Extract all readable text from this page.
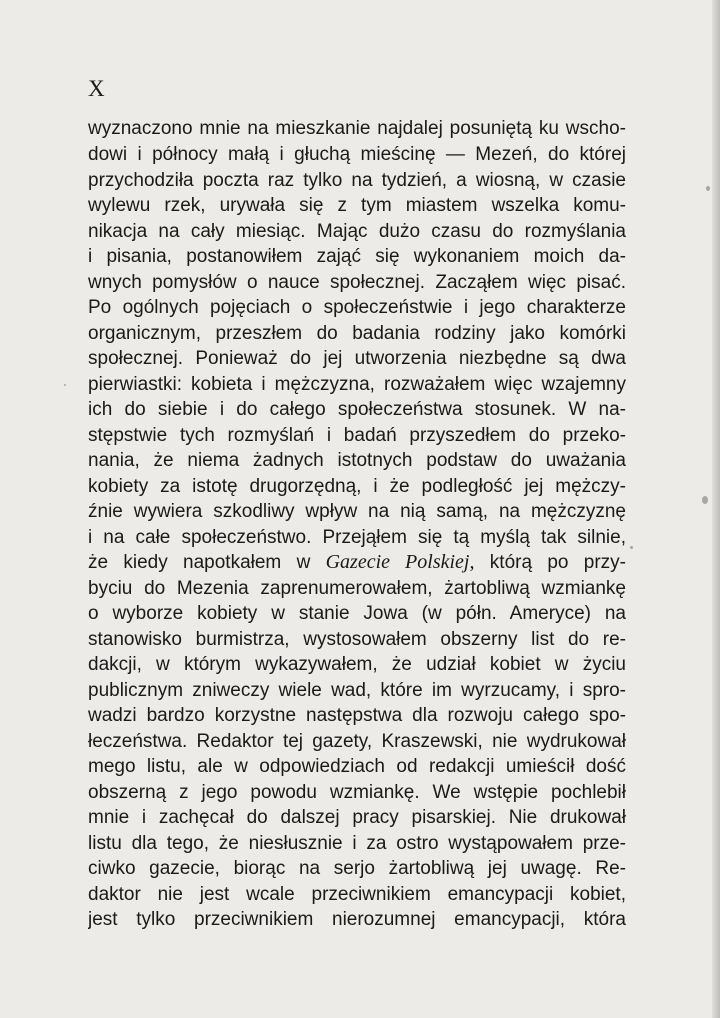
X
wyznaczono mnie na mieszkanie najdalej posuniętą ku wscho-
dowi i północy małą i głuchą mieścinę — Mezeń, do której
przychodziła poczta raz tylko na tydzień, a wiosną, w czasie
wylewu rzek, urywała się z tym miastem wszelka komu-
nikacja na cały miesiąc. Mając dużo czasu do rozmyślania
i pisania, postanowiłem zająć się wykonaniem moich da-
wnych pomysłów o nauce społecznej. Zacząłem więc pisać.
Po ogólnych pojęciach o społeczeństwie i jego charakterze
organicznym, przeszłem do badania rodziny jako komórki
społecznej. Ponieważ do jej utworzenia niezbędne są dwa
pierwiastki: kobieta i mężczyzna, rozważałem więc wzajemny
ich do siebie i do całego społeczeństwa stosunek. W na-
stępstwie tych rozmyślań i badań przyszedłem do przeko-
nania, że niema żadnych istotnych podstaw do uważania
kobiety za istotę drugorzędną, i że podległość jej mężczy-
źnie wywiera szkodliwy wpływ na nią samą, na mężczyznę
i na całe społeczeństwo. Przejąłem się tą myślą tak silnie,
że kiedy napotkałem w Gazecie Polskiej, którą po przy-
byciu do Mezenia zaprenumerowałem, żartobliwą wzmiankę
o wyborze kobiety w stanie Jowa (w półn. Ameryce) na
stanowisko burmistrza, wystosowałem obszerny list do re-
dakcji, w którym wykazywałem, że udział kobiet w życiu
publicznym zniweczy wiele wad, które im wyrzucamy, i spro-
wadzi bardzo korzystne następstwa dla rozwoju całego spo-
łeczeństwa. Redaktor tej gazety, Kraszewski, nie wydrukował
mego listu, ale w odpowiedziach od redakcji umieścił dość
obszerną z jego powodu wzmiankę. We wstępie pochlebił
mnie i zachęcał do dalszej pracy pisarskiej. Nie drukował
listu dla tego, że niesłusznie i za ostro wystąpowałem prze-
ciwko gazecie, biorąc na serjo żartobliwą jej uwagę. Re-
daktor nie jest wcale przeciwnikiem emancypacji kobiet,
jest tylko przeciwnikiem nierozumnej emancypacji, która
